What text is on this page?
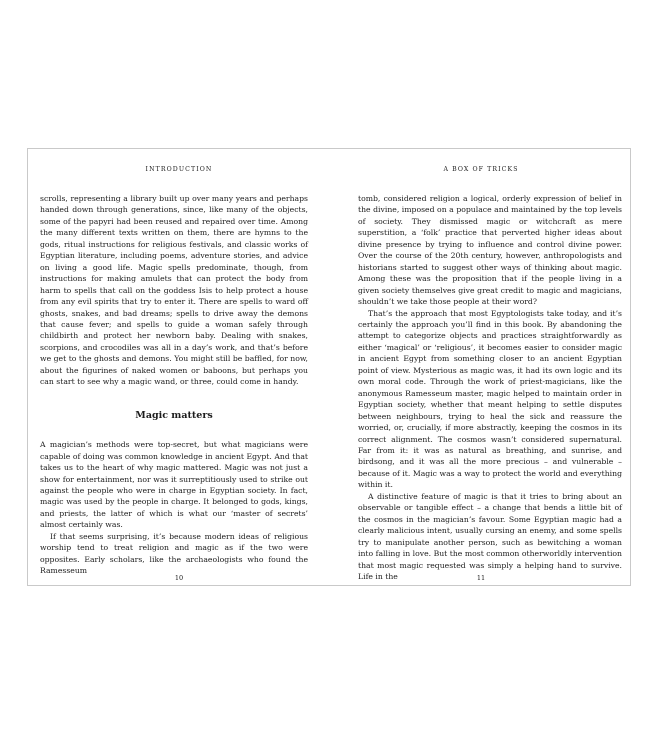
INTRODUCTION

scrolls, representing a library built up over many years and perhaps handed down through generations, since, like many of the objects, some of the papyri had been reused and repaired over time. Among the many different texts written on them, there are hymns to the gods, ritual instructions for religious festivals, and classic works of Egyptian literature, including poems, adventure stories, and advice on living a good life. Magic spells predominate, though, from instructions for making amulets that can protect the body from harm to spells that call on the goddess Isis to help protect a house from any evil spirits that try to enter it. There are spells to ward off ghosts, snakes, and bad dreams; spells to drive away the demons that cause fever; and spells to guide a woman safely through childbirth and protect her newborn baby. Dealing with snakes, scorpions, and crocodiles was all in a day’s work, and that’s before we get to the ghosts and demons. You might still be baffled, for now, about the figurines of naked women or baboons, but perhaps you can start to see why a magic wand, or three, could come in handy.

Magic matters

A magician’s methods were top-secret, but what magicians were capable of doing was common knowledge in ancient Egypt. And that takes us to the heart of why magic mattered. Magic was not just a show for entertainment, nor was it surreptitiously used to strike out against the people who were in charge in Egyptian society. In fact, magic was used by the people in charge. It belonged to gods, kings, and priests, the latter of which is what our ‘master of secrets’ almost certainly was.

If that seems surprising, it’s because modern ideas of religious worship tend to treat religion and magic as if the two were opposites. Early scholars, like the archaeologists who found the Ramesseum

10
A BOX OF TRICKS

tomb, considered religion a logical, orderly expression of belief in the divine, imposed on a populace and maintained by the top levels of society. They dismissed magic or witchcraft as mere superstition, a ‘folk’ practice that perverted higher ideas about divine presence by trying to influence and control divine power. Over the course of the 20th century, however, anthropologists and historians started to suggest other ways of thinking about magic. Among these was the proposition that if the people living in a given society themselves give great credit to magic and magicians, shouldn’t we take those people at their word?

That’s the approach that most Egyptologists take today, and it’s certainly the approach you’ll find in this book. By abandoning the attempt to categorize objects and practices straightforwardly as either ‘magical’ or ‘religious’, it becomes easier to consider magic in ancient Egypt from something closer to an ancient Egyptian point of view. Mysterious as magic was, it had its own logic and its own moral code. Through the work of priest-magicians, like the anonymous Ramesseum master, magic helped to maintain order in Egyptian society, whether that meant helping to settle disputes between neighbours, trying to heal the sick and reassure the worried, or, crucially, if more abstractly, keeping the cosmos in its correct alignment. The cosmos wasn’t considered supernatural. Far from it: it was as natural as breathing, and sunrise, and birdsong, and it was all the more precious – and vulnerable – because of it. Magic was a way to protect the world and everything within it.

A distinctive feature of magic is that it tries to bring about an observable or tangible effect – a change that bends a little bit of the cosmos in the magician’s favour. Some Egyptian magic had a clearly malicious intent, usually cursing an enemy, and some spells try to manipulate another person, such as bewitching a woman into falling in love. But the most common otherworldly intervention that most magic requested was simply a helping hand to survive. Life in the	11
